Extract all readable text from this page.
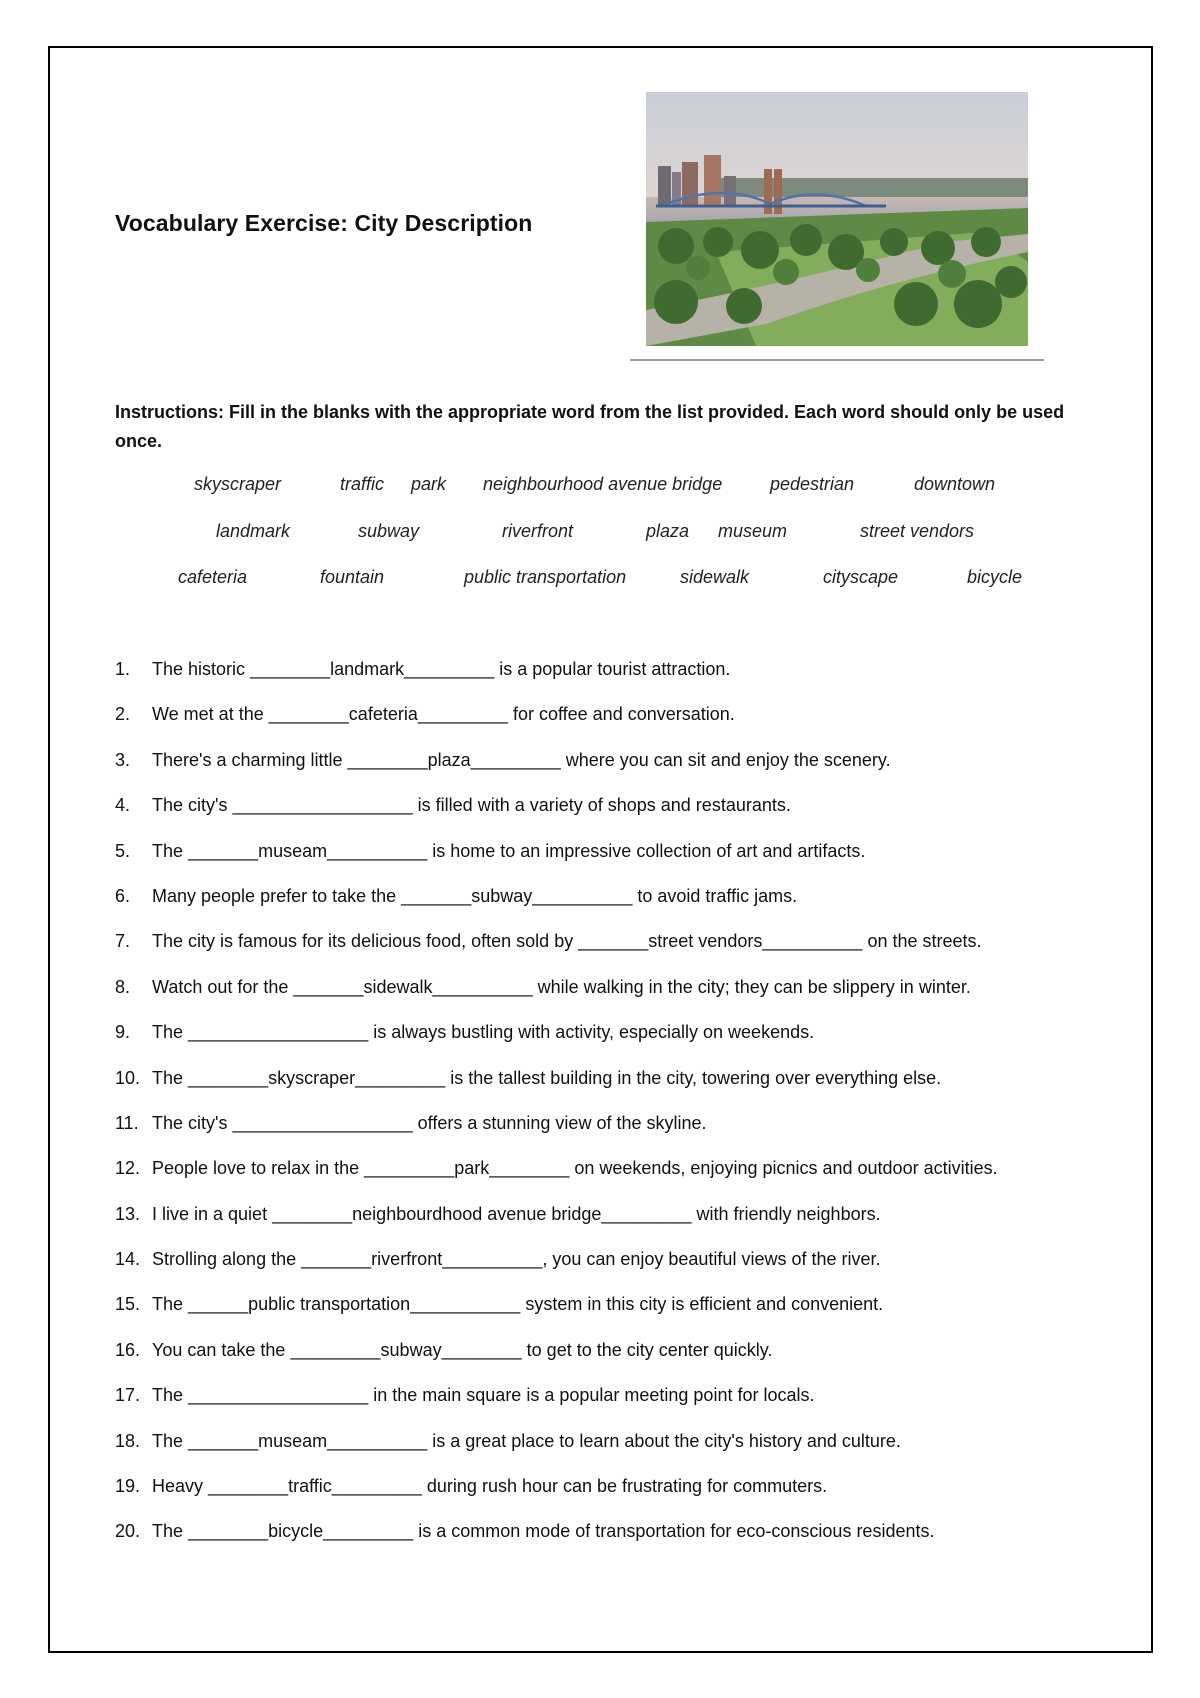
Vocabulary Exercise: City Description
Instructions: Fill in the blanks with the appropriate word from the list provided. Each word should only be used once.
skyscraper	traffic park neighbourhood avenue bridge	pedestrian	downtown
landmark	subway	riverfront	plaza museum	street vendors
cafeteria	fountain	public transportation	sidewalk	cityscape	bicycle
1. The historic ________landmark_________ is a popular tourist attraction.
2. We met at the ________cafeteria_________ for coffee and conversation.
3. There's a charming little ________plaza_________ where you can sit and enjoy the scenery.
4. The city's __________________ is filled with a variety of shops and restaurants.
5. The _______museam__________ is home to an impressive collection of art and artifacts.
6. Many people prefer to take the _______subway__________ to avoid traffic jams.
7. The city is famous for its delicious food, often sold by _______street vendors__________ on the streets.
8. Watch out for the _______sidewalk__________ while walking in the city; they can be slippery in winter.
9. The __________________ is always bustling with activity, especially on weekends.
10. The ________skyscraper_________ is the tallest building in the city, towering over everything else.
11. The city's __________________ offers a stunning view of the skyline.
12. People love to relax in the _________park________ on weekends, enjoying picnics and outdoor activities.
13. I live in a quiet ________neighbourdhood avenue bridge_________ with friendly neighbors.
14. Strolling along the _______riverfront__________, you can enjoy beautiful views of the river.
15. The ______public transportation___________ system in this city is efficient and convenient.
16. You can take the _________subway________ to get to the city center quickly.
17. The __________________ in the main square is a popular meeting point for locals.
18. The _______museam__________ is a great place to learn about the city's history and culture.
19. Heavy ________traffic_________ during rush hour can be frustrating for commuters.
20. The ________bicycle_________ is a common mode of transportation for eco-conscious residents.
